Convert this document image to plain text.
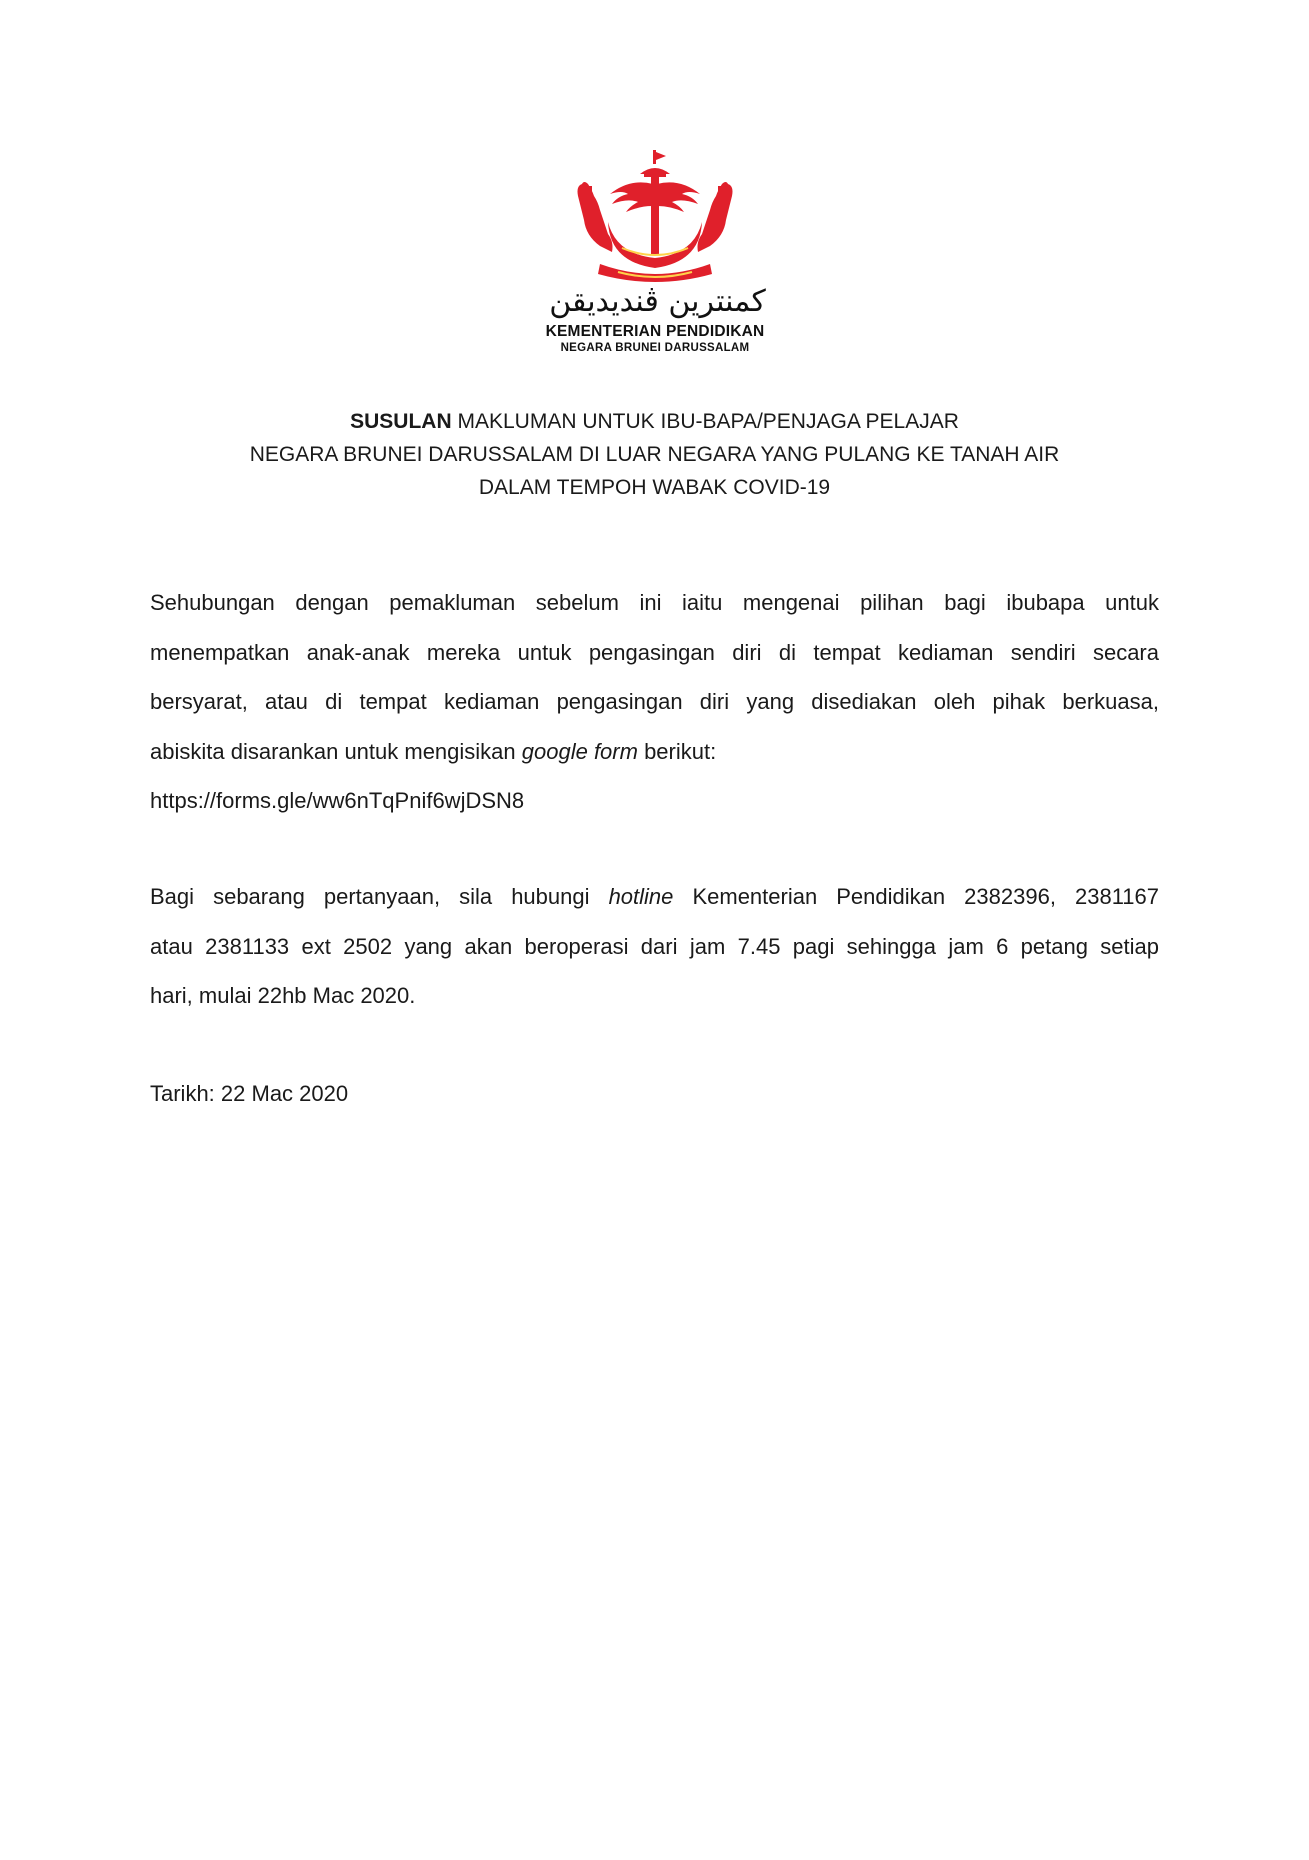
كمنترين ڤنديديقن
KEMENTERIAN PENDIDIKAN
NEGARA BRUNEI DARUSSALAM
SUSULAN MAKLUMAN UNTUK IBU-BAPA/PENJAGA PELAJAR
NEGARA BRUNEI DARUSSALAM DI LUAR NEGARA YANG PULANG KE TANAH AIR
DALAM TEMPOH WABAK COVID-19
Sehubungan dengan pemakluman sebelum ini iaitu mengenai pilihan bagi ibubapa untuk
menempatkan anak-anak mereka untuk pengasingan diri di tempat kediaman sendiri secara
bersyarat, atau di tempat kediaman pengasingan diri yang disediakan oleh pihak berkuasa,
abiskita disarankan untuk mengisikan google form berikut:
https://forms.gle/ww6nTqPnif6wjDSN8
Bagi sebarang pertanyaan, sila hubungi hotline Kementerian Pendidikan 2382396, 2381167
atau 2381133 ext 2502 yang akan beroperasi dari jam 7.45 pagi sehingga jam 6 petang setiap
hari, mulai 22hb Mac 2020.
Tarikh: 22 Mac 2020
